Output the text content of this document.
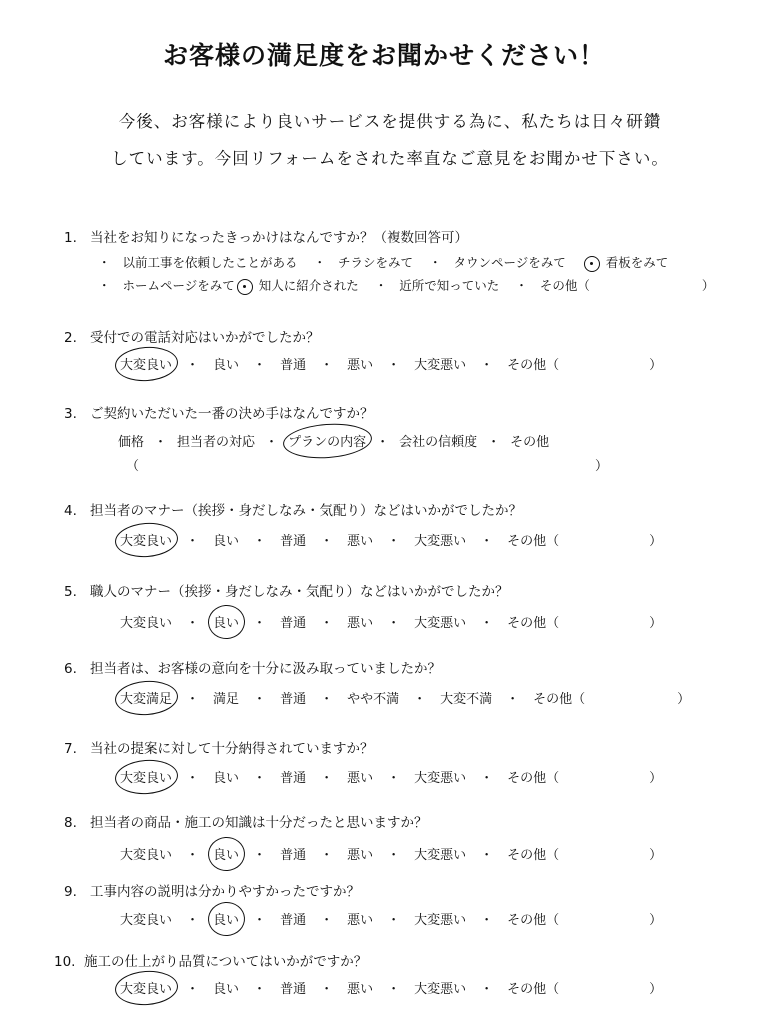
お客様の満足度をお聞かせください！
今後、お客様により良いサービスを提供する為に、私たちは日々研鑽
しています。今回リフォームをされた率直なご意見をお聞かせ下さい。
1. 当社をお知りになったきっかけはなんですか？（複数回答可）
・ 以前工事を依頼したことがある ・ チラシをみて ・ タウンページをみて	看板をみて
・ ホームページをみて 知人に紹介された ・ 近所で知っていた ・ その他（	）
2. 受付での電話対応はいかがでしたか？
大変良い ・ 良い ・ 普通 ・ 悪い ・ 大変悪い ・ その他（	）
3. ご契約いただいた一番の決め手はなんですか？
価格 ・ 担当者の対応 ・ プランの内容 ・ 会社の信頼度 ・ その他
（	）
4. 担当者のマナー（挨拶・身だしなみ・気配り）などはいかがでしたか？
大変良い ・ 良い ・ 普通 ・ 悪い ・ 大変悪い ・ その他（	）
5. 職人のマナー（挨拶・身だしなみ・気配り）などはいかがでしたか？
大変良い ・ 良い ・ 普通 ・ 悪い ・ 大変悪い ・ その他（	）
6. 担当者は、お客様の意向を十分に汲み取っていましたか？
大変満足 ・ 満足 ・ 普通 ・ やや不満 ・ 大変不満 ・ その他（	）
7. 当社の提案に対して十分納得されていますか？
大変良い ・ 良い ・ 普通 ・ 悪い ・ 大変悪い ・ その他（	）
8. 担当者の商品・施工の知識は十分だったと思いますか？
大変良い ・ 良い ・ 普通 ・ 悪い ・ 大変悪い ・ その他（	）
9. 工事内容の説明は分かりやすかったですか？
大変良い ・ 良い ・ 普通 ・ 悪い ・ 大変悪い ・ その他（	）
10. 施工の仕上がり品質についてはいかがですか？
大変良い ・ 良い ・ 普通 ・ 悪い ・ 大変悪い ・ その他（	）
